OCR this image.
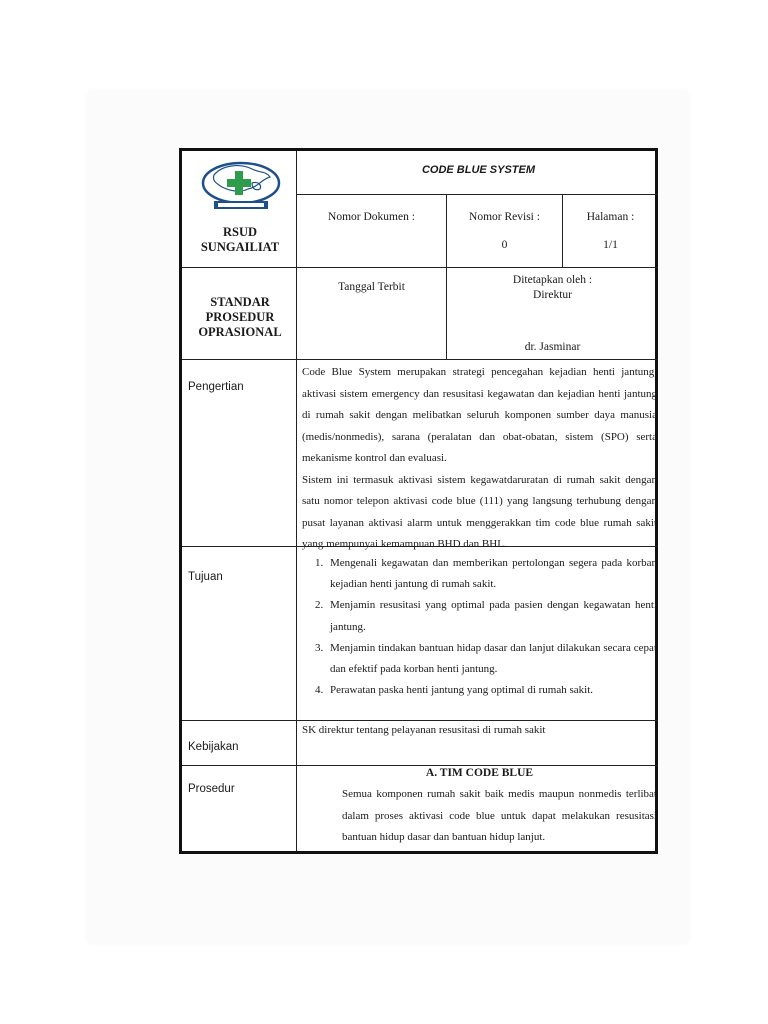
RSUD
SUNGAILIAT
STANDAR
PROSEDUR
OPRASIONAL
CODE BLUE SYSTEM
Nomor Dokumen :	Nomor Revisi :
0
Halaman :
1/1
Tanggal Terbit
Ditetapkan oleh :
Direktur
dr. Jasminar
Pengertian
Code Blue System merupakan strategi pencegahan kejadian henti jantung, aktivasi sistem emergency dan resusitasi kegawatan dan kejadian henti jantung di rumah sakit dengan melibatkan seluruh komponen sumber daya manusia (medis/nonmedis), sarana (peralatan dan obat-obatan, sistem (SPO) serta mekanisme kontrol dan evaluasi.
Sistem ini termasuk aktivasi sistem kegawatdaruratan di rumah sakit dengan satu nomor telepon aktivasi code blue (111) yang langsung terhubung dengan pusat layanan aktivasi alarm untuk menggerakkan tim code blue rumah sakit yang mempunyai kemampuan BHD dan BHL.
Tujuan
1. Mengenali kegawatan dan memberikan pertolongan segera pada korban kejadian henti jantung di rumah sakit.
2. Menjamin resusitasi yang optimal pada pasien dengan kegawatan henti jantung.
3. Menjamin tindakan bantuan hidap dasar dan lanjut dilakukan secara cepat dan efektif pada korban henti jantung.
4. Perawatan paska henti jantung yang optimal di rumah sakit.
Kebijakan
SK direktur tentang pelayanan resusitasi di rumah sakit
Prosedur
A. TIM CODE BLUE
Semua komponen rumah sakit baik medis maupun nonmedis terlibat dalam proses aktivasi code blue untuk dapat melakukan resusitasi bantuan hidup dasar dan bantuan hidup lanjut.
